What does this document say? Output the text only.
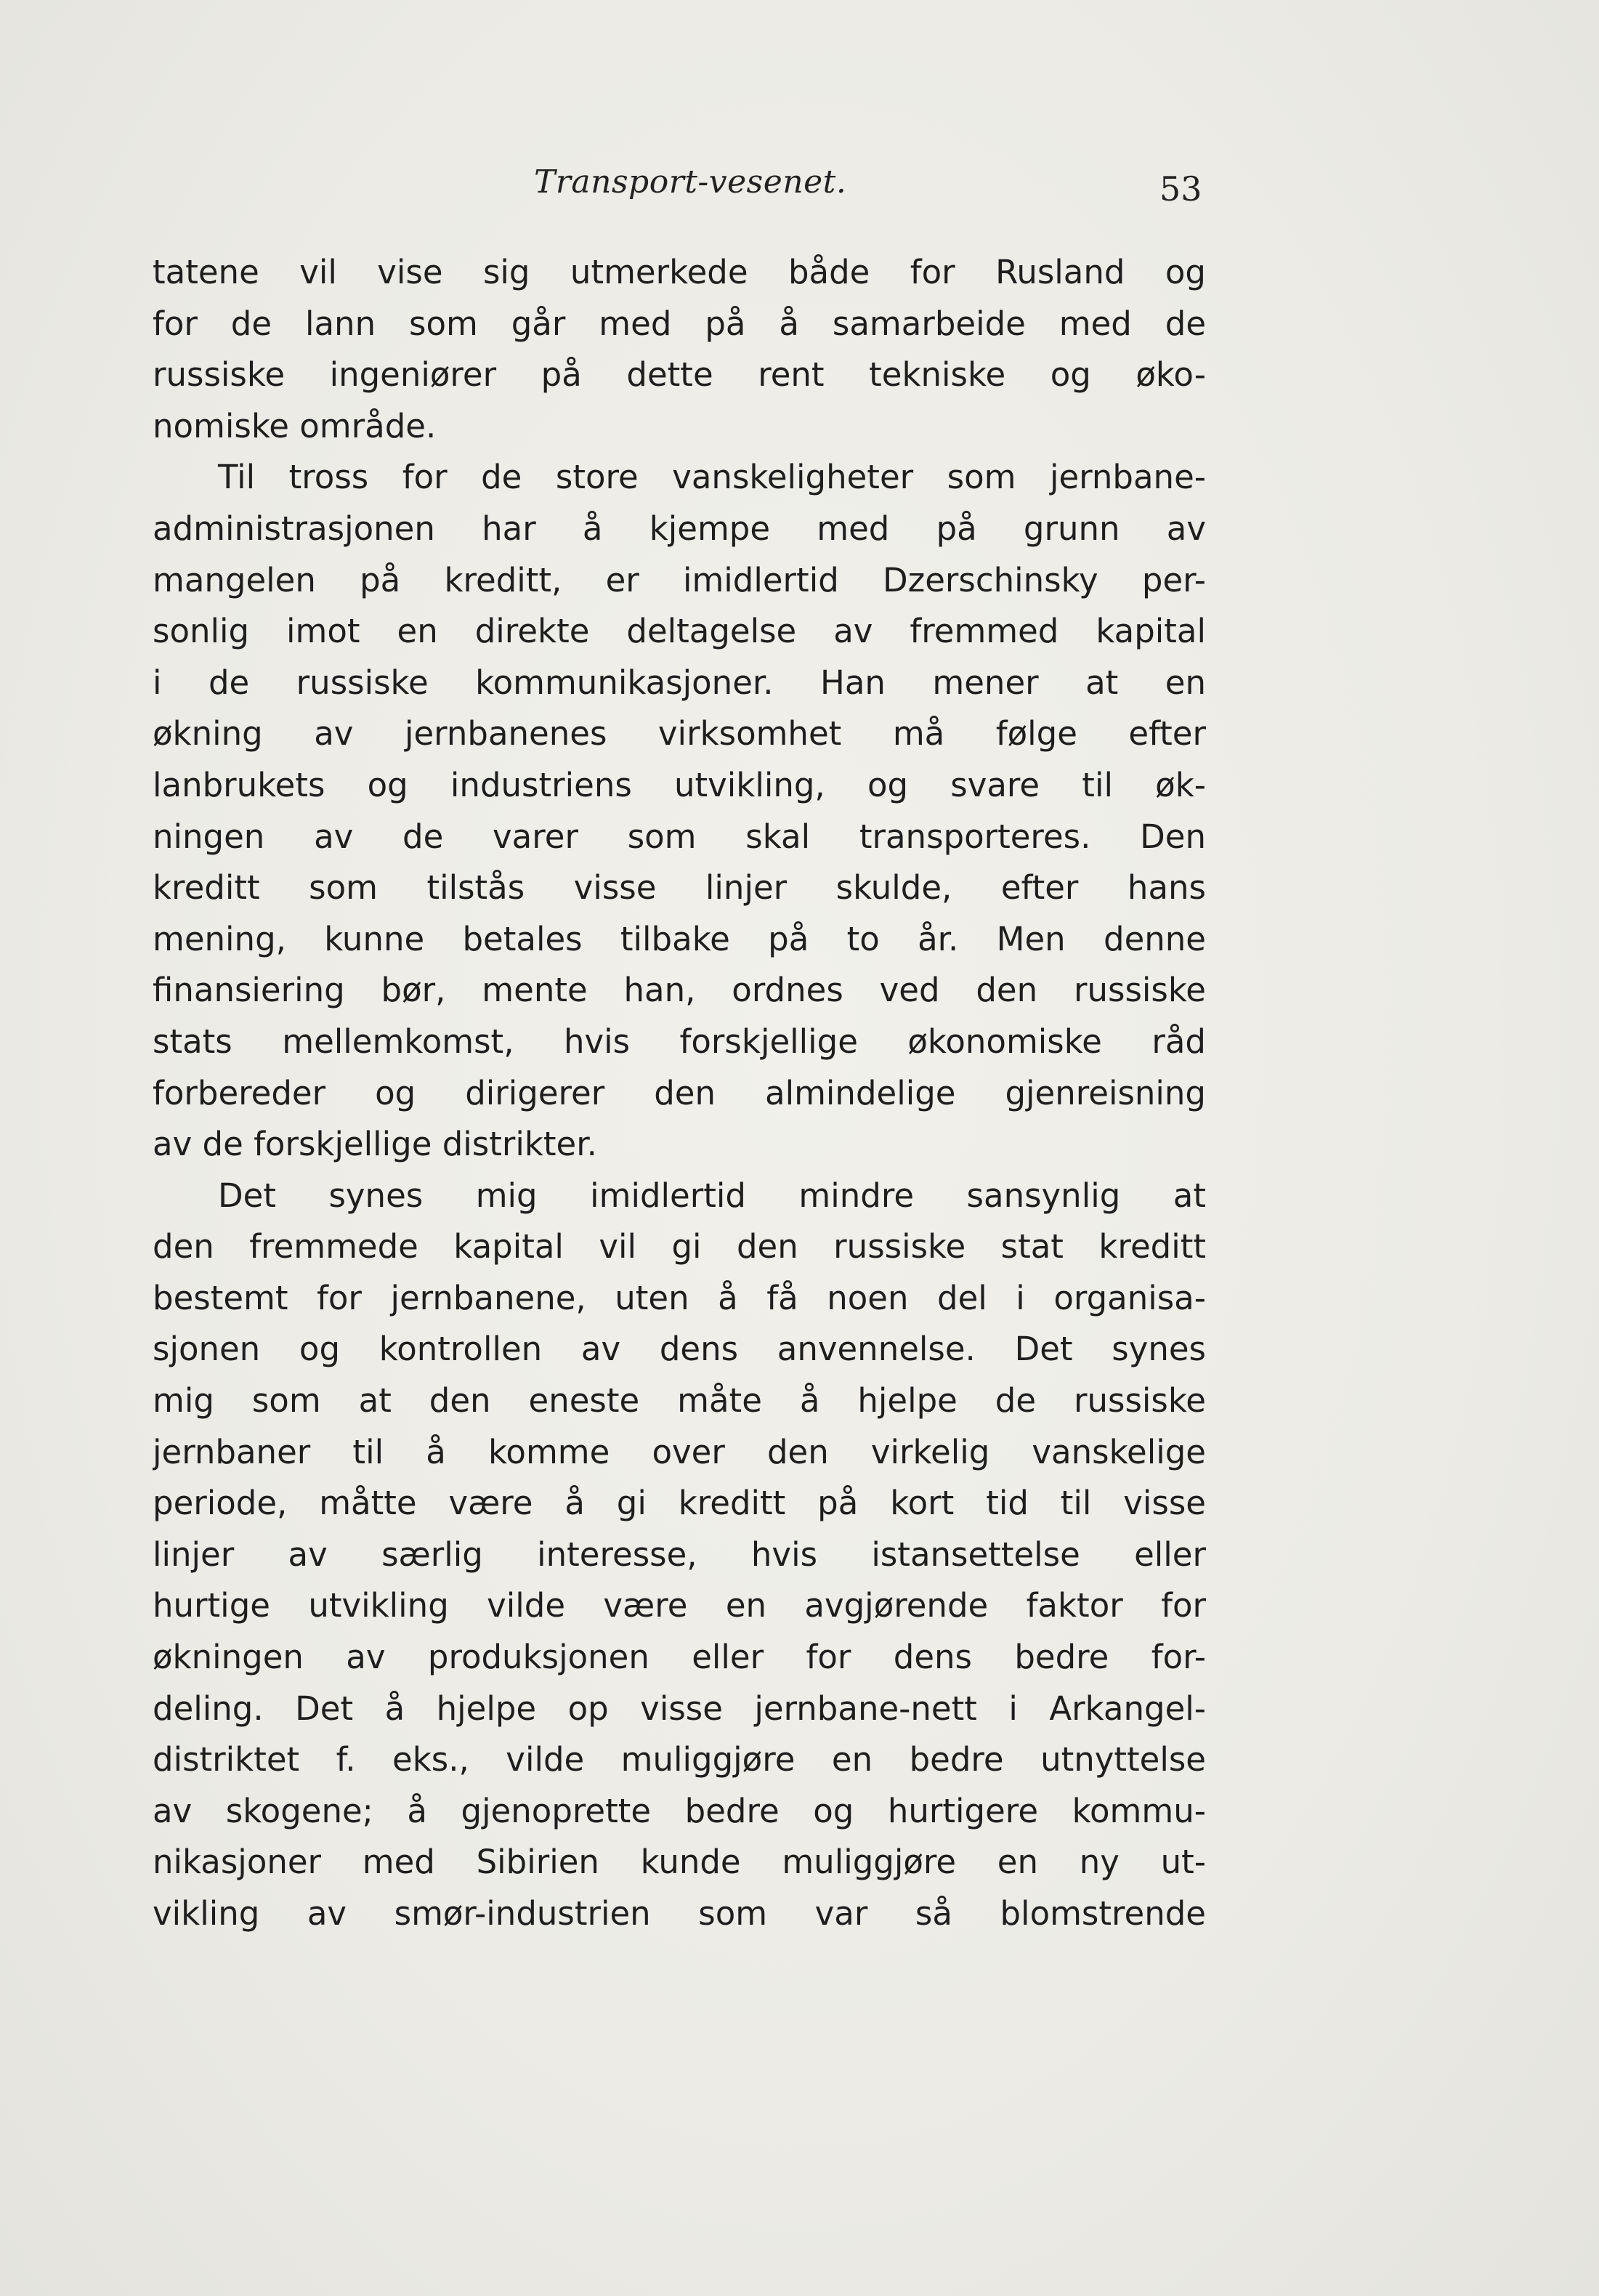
Transport-vesenet.	53
tatene vil vise sig utmerkede både for Rusland og
for de lann som går med på å samarbeide med de
russiske ingeniører på dette rent tekniske og øko-
nomiske område.
Til tross for de store vanskeligheter som jernbane-
administrasjonen har å kjempe med på grunn av
mangelen på kreditt, er imidlertid Dzerschinsky per-
sonlig imot en direkte deltagelse av fremmed kapital
i de russiske kommunikasjoner. Han mener at en
økning av jernbanenes virksomhet må følge efter
lanbrukets og industriens utvikling, og svare til øk-
ningen av de varer som skal transporteres. Den
kreditt som tilstås visse linjer skulde, efter hans
mening, kunne betales tilbake på to år. Men denne
finansiering bør, mente han, ordnes ved den russiske
stats mellemkomst, hvis forskjellige økonomiske råd
forbereder og dirigerer den almindelige gjenreisning
av de forskjellige distrikter.
Det synes mig imidlertid mindre sansynlig at
den fremmede kapital vil gi den russiske stat kreditt
bestemt for jernbanene, uten å få noen del i organisa-
sjonen og kontrollen av dens anvennelse. Det synes
mig som at den eneste måte å hjelpe de russiske
jernbaner til å komme over den virkelig vanskelige
periode, måtte være å gi kreditt på kort tid til visse
linjer av særlig interesse, hvis istansettelse eller
hurtige utvikling vilde være en avgjørende faktor for
økningen av produksjonen eller for dens bedre for-
deling. Det å hjelpe op visse jernbane-nett i Arkangel-
distriktet f. eks., vilde muliggjøre en bedre utnyttelse
av skogene; å gjenoprette bedre og hurtigere kommu-
nikasjoner med Sibirien kunde muliggjøre en ny ut-
vikling av smør-industrien som var så blomstrende
